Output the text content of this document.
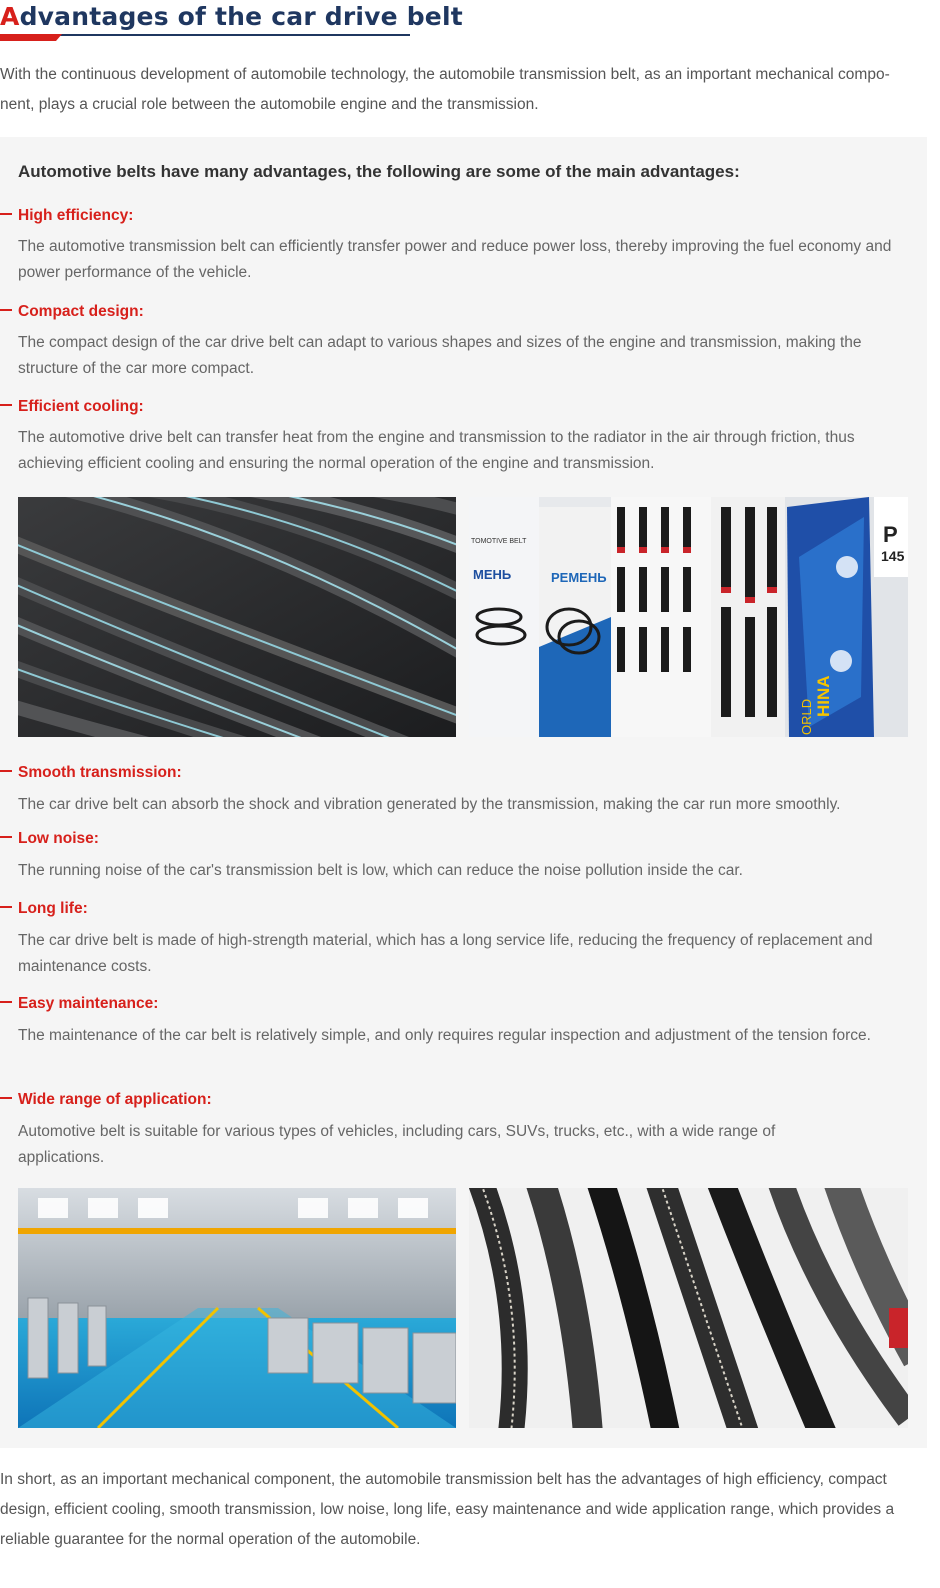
Advantages of the car drive belt

With the continuous development of automobile technology, the automobile transmission belt, as an important mechanical compo-nent, plays a crucial role between the automobile engine and the transmission.

Automotive belts have many advantages, the following are some of the main advantages:
High efficiency:

The automotive transmission belt can efficiently transfer power and reduce power loss, thereby improving the fuel economy and power performance of the vehicle.

Compact design:

The compact design of the car drive belt can adapt to various shapes and sizes of the engine and transmission, making the structure of the car more compact.

Efficient cooling:

The automotive drive belt can transfer heat from the engine and transmission to the radiator in the air through friction, thus achieving efficient cooling and ensuring the normal operation of the engine and transmission.

MEHЬ	PEMEHЬ
TOMOTIVE BELT	P
145
ORLD HINA
Smooth transmission:

The car drive belt can absorb the shock and vibration generated by the transmission, making the car run more smoothly.

Low noise:

The running noise of the car's transmission belt is low, which can reduce the noise pollution inside the car.

Long life:

The car drive belt is made of high-strength material, which has a long service life, reducing the frequency of replacement and maintenance costs.

Easy maintenance:

The maintenance of the car belt is relatively simple, and only requires regular inspection and adjustment of the tension force.

Wide range of application:

Automotive belt is suitable for various types of vehicles, including cars, SUVs, trucks, etc., with a wide range of applications.

In short, as an important mechanical component, the automobile transmission belt has the advantages of high efficiency, compact design, efficient cooling, smooth transmission, low noise, long life, easy maintenance and wide application range, which provides a reliable guarantee for the normal operation of the automobile.
